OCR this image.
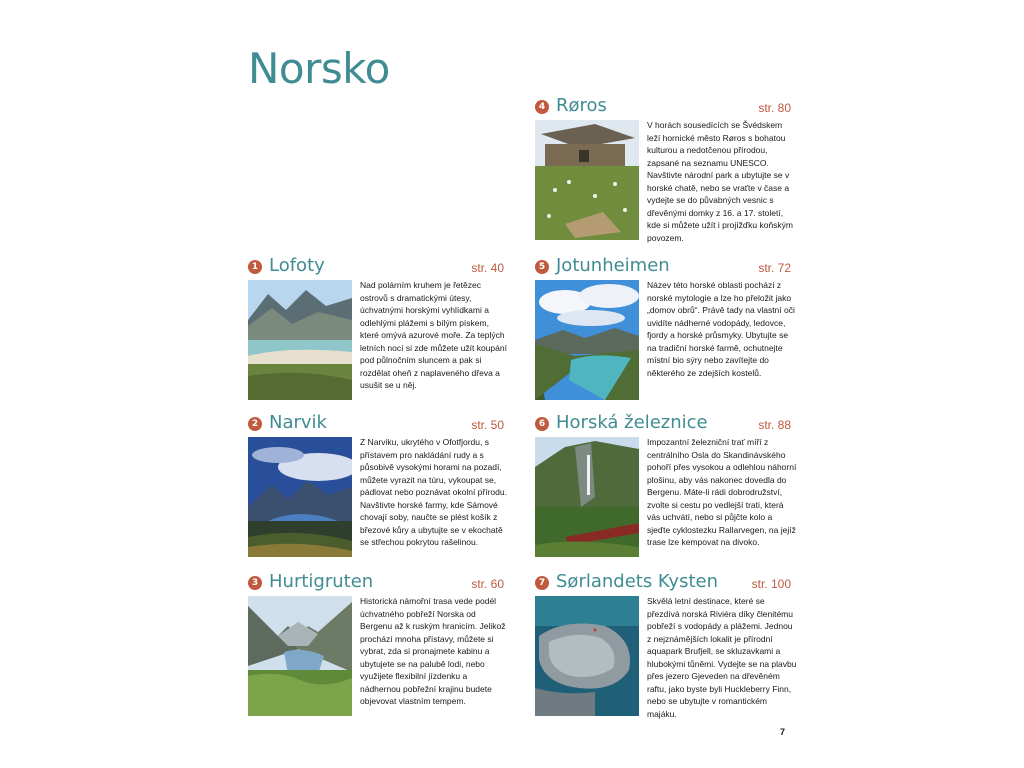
Norsko
1 Lofoty	str. 40
Nad polárním kruhem je řetězec ostrovů s dramatickými útesy, úchvatnými horskými vyhlídkami a odlehlými plážemi s bílým pískem, které omývá azurové moře. Za teplých letních nocí si zde můžete užít koupání pod půlnočním sluncem a pak si rozdělat oheň z naplaveného dřeva a usušit se u něj.
2 Narvik	str. 50
Z Narviku, ukrytého v Ofotfjordu, s přístavem pro nakládání rudy a s působivě vysokými horami na pozadí, můžete vyrazit na túru, vykoupat se, pádlovat nebo poznávat okolní přírodu. Navštivte horské farmy, kde Sámové chovají soby, naučte se plést košík z březové kůry a ubytujte se v ekochatě se střechou pokrytou rašelinou.
3 Hurtigruten	str. 60
Historická námořní trasa vede podél úchvatného pobřeží Norska od Bergenu až k ruským hranicím. Jelikož prochází mnoha přístavy, můžete si vybrat, zda si pronajmete kabinu a ubytujete se na palubě lodi, nebo využijete flexibilní jízdenku a nádhernou pobřežní krajinu budete objevovat vlastním tempem.
4 Røros	str. 80
V horách sousedících se Švédskem leží hornické město Røros s bohatou kulturou a nedotčenou přírodou, zapsané na seznamu UNESCO. Navštivte národní park a ubytujte se v horské chatě, nebo se vraťte v čase a vydejte se do půvabných vesnic s dřevěnými domky z 16. a 17. století, kde si můžete užít i projížďku koňským povozem.
5 Jotunheimen	str. 72
Název této horské oblasti pochází z norské mytologie a lze ho přeložit jako „domov obrů“. Právě tady na vlastní oči uvidíte nádherné vodopády, ledovce, fjordy a horské průsmyky. Ubytujte se na tradiční horské farmě, ochutnejte místní bio sýry nebo zavítejte do některého ze zdejších kostelů.
6 Horská železnice	str. 88
Impozantní železniční trať míří z centrálního Osla do Skandinávského pohoří přes vysokou a odlehlou náhorní plošinu, aby vás nakonec dovedla do Bergenu. Máte-li rádi dobrodružství, zvolte si cestu po vedlejší trati, která vás uchvátí, nebo si půjčte kolo a sjeďte cyklostezku Rallarvegen, na jejíž trase lze kempovat na divoko.
7 Sørlandets Kysten	str. 100
Skvělá letní destinace, které se přezdívá norská Riviéra díky členitému pobřeží s vodopády a plážemi. Jednou z nejznámějších lokalit je přírodní aquapark Brufjell, se skluzavkami a hlubokými tůněmi. Vydejte se na plavbu přes jezero Gjeveden na dřevěném raftu, jako byste byli Huckleberry Finn, nebo se ubytujte v romantickém majáku.
7
